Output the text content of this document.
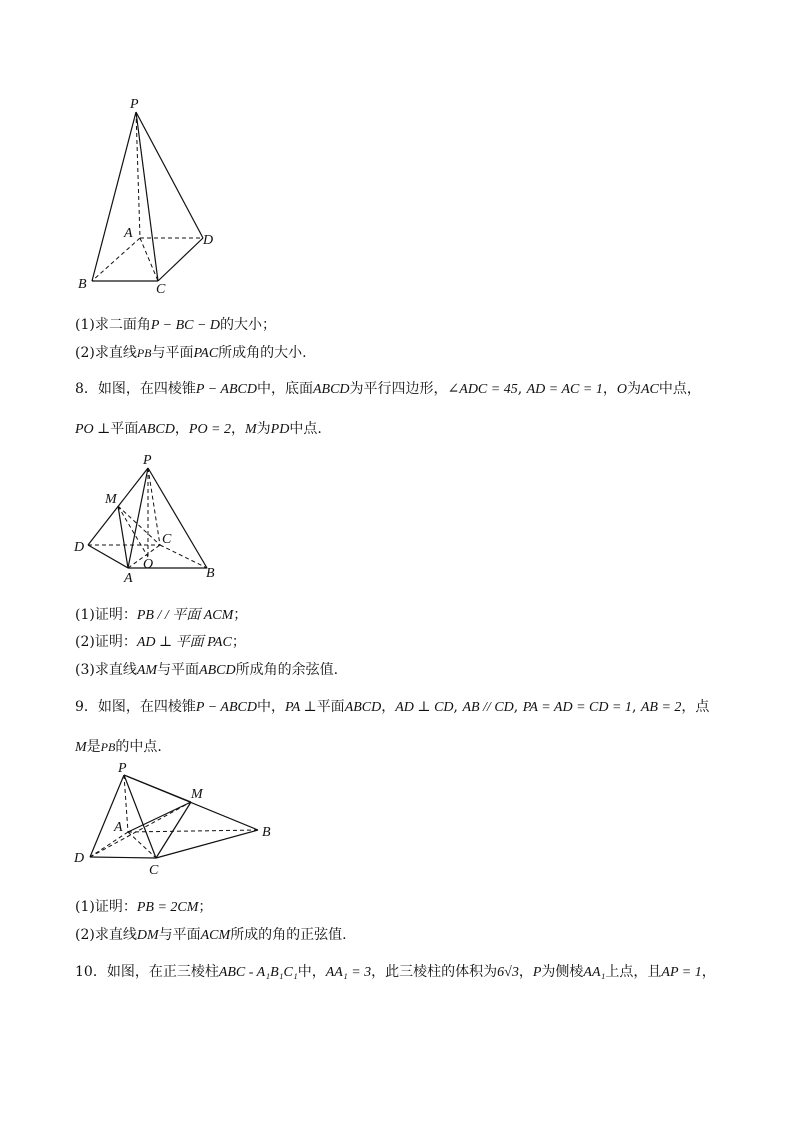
P
A	D
B	C
(1)求二面角P − BC − D的大小；
(2)求直线PB与平面PAC所成角的大小.
8．如图，在四棱锥P − ABCD中，底面ABCD为平行四边形，∠ADC = 45, AD = AC = 1，O为AC中点，
PO ⊥平面ABCD，PO = 2，M为PD中点.
P
M
D
C
O
A	B
(1)证明：PB / / 平面 ACM；
(2)证明：AD ⊥ 平面 PAC；
(3)求直线AM与平面ABCD所成角的余弦值.
9．如图，在四棱锥P − ABCD中，PA ⊥平面ABCD，AD ⊥ CD, AB // CD, PA = AD = CD = 1, AB = 2，点
M是PB的中点.
P
M
A	B
D
C
(1)证明：PB = 2CM；
(2)求直线DM与平面ACM所成的角的正弦值.
10．如图，在正三棱柱ABC - A₁B₁C₁中，AA₁ = 3，此三棱柱的体积为6√3，P为侧棱AA₁上点，且AP = 1，
